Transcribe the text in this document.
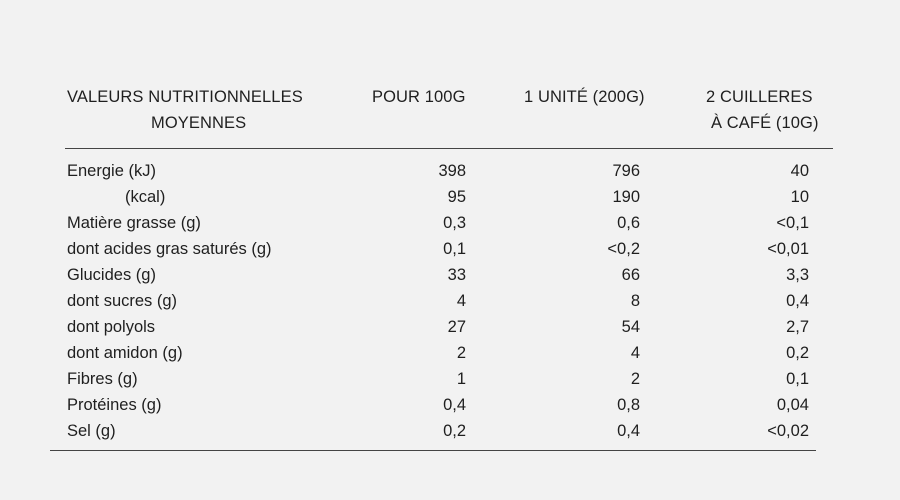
VALEURS NUTRITIONNELLES
MOYENNES
POUR 100G	1 UNITÉ (200G)	2 CUILLERES
À CAFÉ (10G)
Energie (kJ)	398	796	40
(kcal)	95	190	10
Matière grasse (g)	0,3	0,6	<0,1
dont acides gras saturés (g)	0,1	<0,2	<0,01
Glucides (g)	33	66	3,3
dont sucres (g)	4	8	0,4
dont polyols	27	54	2,7
dont amidon (g)	2	4	0,2
Fibres (g)	1	2	0,1
Protéines (g)	0,4	0,8	0,04
Sel (g)	0,2	0,4	<0,02
